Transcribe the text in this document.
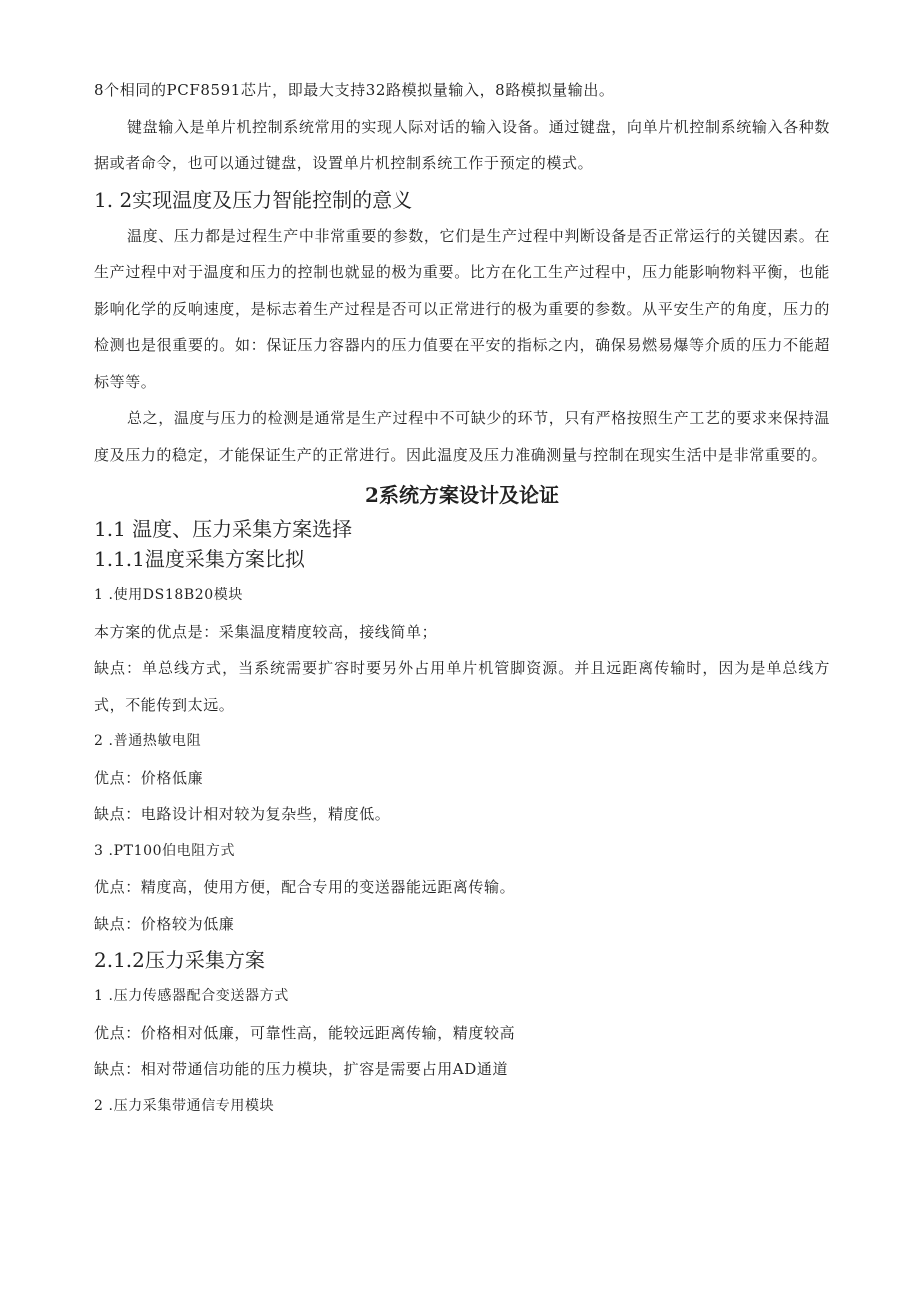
8个相同的PCF8591芯片，即最大支持32路模拟量输入，8路模拟量输出。

键盘输入是单片机控制系统常用的实现人际对话的输入设备。通过键盘，向单片机控制系统输入各种数据或者命令，也可以通过键盘，设置单片机控制系统工作于预定的模式。

1. 2实现温度及压力智能控制的意义

温度、压力都是过程生产中非常重要的参数，它们是生产过程中判断设备是否正常运行的关键因素。在生产过程中对于温度和压力的控制也就显的极为重要。比方在化工生产过程中，压力能影响物料平衡，也能影响化学的反响速度，是标志着生产过程是否可以正常进行的极为重要的参数。从平安生产的角度，压力的检测也是很重要的。如：保证压力容器内的压力值要在平安的指标之内，确保易燃易爆等介质的压力不能超标等等。

总之，温度与压力的检测是通常是生产过程中不可缺少的环节，只有严格按照生产工艺的要求来保持温度及压力的稳定，才能保证生产的正常进行。因此温度及压力准确测量与控制在现实生活中是非常重要的。

2系统方案设计及论证
1.1 温度、压力采集方案选择
1.1.1温度采集方案比拟

1 .使用DS18B20模块

本方案的优点是：采集温度精度较高，接线简单；

缺点：单总线方式，当系统需要扩容时要另外占用单片机管脚资源。并且远距离传输时，因为是单总线方式，不能传到太远。

2 .普通热敏电阻

优点：价格低廉

缺点：电路设计相对较为复杂些，精度低。

3 .PT100伯电阻方式

优点：精度高，使用方便，配合专用的变送器能远距离传输。

缺点：价格较为低廉

2.1.2压力采集方案

1 .压力传感器配合变送器方式

优点：价格相对低廉，可靠性高，能较远距离传输，精度较高

缺点：相对带通信功能的压力模块，扩容是需要占用AD通道

2 .压力采集带通信专用模块
